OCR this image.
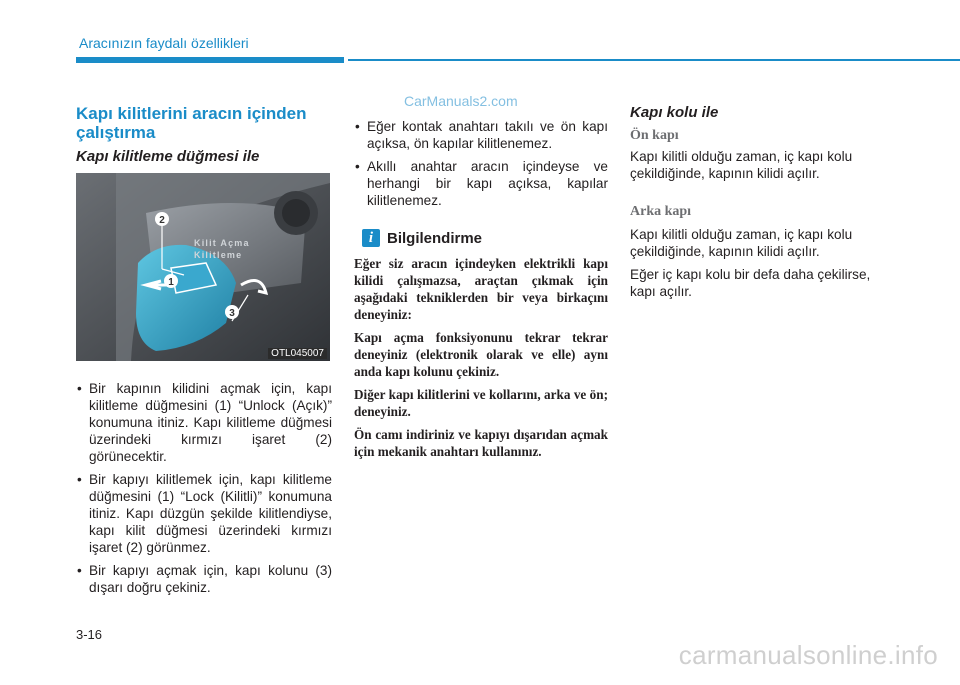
Aracınızın faydalı özellikleri
Kapı kilitlerini aracın içinden çalıştırma
Kapı kilitleme düğmesi ile
2
1
3
Kilit Açma
Kilitleme
OTL045007
• Bir kapının kilidini açmak için, kapı kilitleme düğmesini (1) “Unlock (Açık)” konumuna itiniz. Kapı kilitleme düğmesi üzerindeki kırmızı işaret (2) görünecektir.
• Bir kapıyı kilitlemek için, kapı kilitleme düğmesini (1) “Lock (Kilitli)” konumuna itiniz. Kapı düzgün şekilde kilitlendiyse, kapı kilit düğmesi üzerindeki kırmızı işaret (2) görünmez.
• Bir kapıyı açmak için, kapı kolunu (3) dışarı doğru çekiniz.
CarManuals2.com
• Eğer kontak anahtarı takılı ve ön kapı açıksa, ön kapılar kilitlenemez.
• Akıllı anahtar aracın içindeyse ve herhangi bir kapı açıksa, kapılar kilitlenemez.
i Bilgilendirme

Eğer siz aracın içindeyken elektrikli kapı kilidi çalışmazsa, araçtan çıkmak için aşağıdaki tekniklerden bir veya birkaçını deneyiniz:

Kapı açma fonksiyonunu tekrar tekrar deneyiniz (elektronik olarak ve elle) aynı anda kapı kolunu çekiniz.

Diğer kapı kilitlerini ve kollarını, arka ve ön; deneyiniz.

Ön camı indiriniz ve kapıyı dışarıdan açmak için mekanik anahtarı kullanınız.

Kapı kolu ile
Ön kapı

Kapı kilitli olduğu zaman, iç kapı kolu çekildiğinde, kapının kilidi açılır.

Arka kapı

Kapı kilitli olduğu zaman, iç kapı kolu çekildiğinde, kapının kilidi açılır.

Eğer iç kapı kolu bir defa daha çekilirse, kapı açılır.

3-16
carmanualsonline.info
